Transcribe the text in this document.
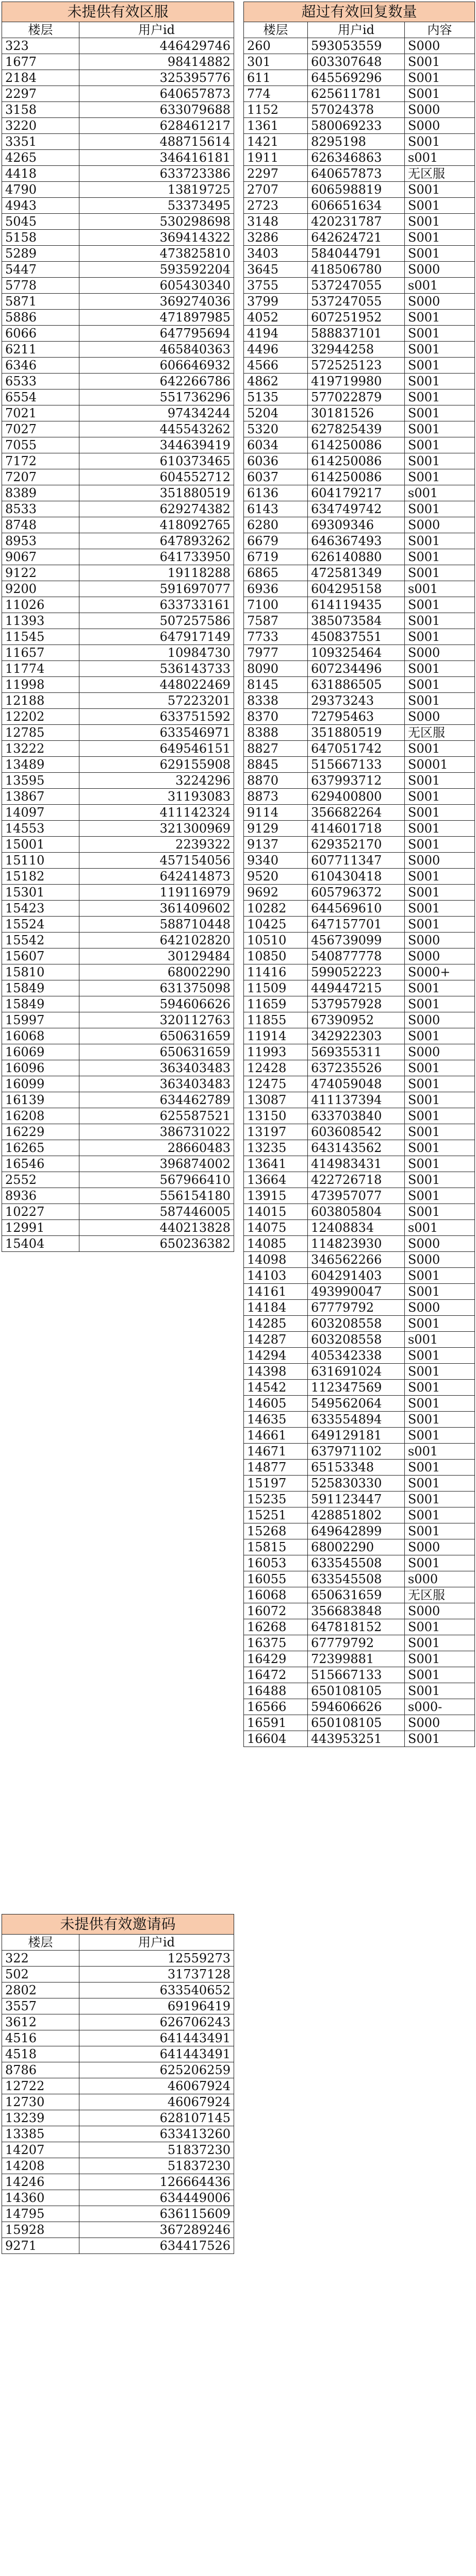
未提供有效区服	
楼层	用户id
323	446429746
1677	98414882
2184	325395776
2297	640657873
3158	633079688
3220	628461217
3351	488715614
4265	346416181
4418	633723386
4790	13819725
4943	53373495
5045	530298698
5158	369414322
5289	473825810
5447	593592204
5778	605430340
5871	369274036
5886	471897985
6066	647795694
6211	465840363
6346	606646932
6533	642266786
6554	551736296
7021	97434244
7027	445543262
7055	344639419
7172	610373465
7207	604552712
8389	351880519
8533	629274382
8748	418092765
8953	647893262
9067	641733950
9122	19118288
9200	591697077
11026	633733161
11393	507257586
11545	647917149
11657	10984730
11774	536143733
11998	448022469
12188	57223201
12202	633751592
12785	633546971
13222	649546151
13489	629155908
13595	3224296
13867	31193083
14097	411142324
14553	321300969
15001	2239322
15110	457154056
15182	642414873
15301	119116979
15423	361409602
15524	588710448
15542	642102820
15607	30129484
15810	68002290
15849	631375098
15849	594606626
15997	320112763
16068	650631659
16069	650631659
16096	363403483
16099	363403483
16139	634462789
16208	625587521
16229	386731022
16265	28660483
16546	396874002
2552	567966410
8936	556154180
10227	587446005
12991	440213828
15404	650236382
未提供有效邀请码	
楼层	用户id
322	12559273
502	31737128
2802	633540652
3557	69196419
3612	626706243
4516	641443491
4518	641443491
8786	625206259
12722	46067924
12730	46067924
13239	628107145
13385	633413260
14207	51837230
14208	51837230
14246	126664436
14360	634449006
14795	636115609
15928	367289246
9271	634417526
超过有效回复数量		
楼层	用户id	内容
260	593053559	S000
301	603307648	S001
611	645569296	S001
774	625611781	S001
1152	57024378	S000
1361	580069233	S000
1421	8295198	S001
1911	626346863	s001
2297	640657873	无区服
2707	606598819	S001
2723	606651634	S001
3148	420231787	S001
3286	642624721	S001
3403	584044791	S001
3645	418506780	S000
3755	537247055	s001
3799	537247055	S000
4052	607251952	S001
4194	588837101	S001
4496	32944258	S001
4566	572525123	S001
4862	419719980	S001
5135	577022879	S001
5204	30181526	S001
5320	627825439	S001
6034	614250086	S001
6036	614250086	S001
6037	614250086	S001
6136	604179217	s001
6143	634749742	S001
6280	69309346	S000
6679	646367493	S001
6719	626140880	S001
6865	472581349	S001
6936	604295158	s001
7100	614119435	S001
7587	385073584	S001
7733	450837551	S001
7977	109325464	S000
8090	607234496	S001
8145	631886505	S001
8338	29373243	S001
8370	72795463	S000
8388	351880519	无区服
8827	647051742	S001
8845	515667133	S0001
8870	637993712	S001
8873	629400800	S001
9114	356682264	S001
9129	414601718	S001
9137	629352170	S001
9340	607711347	S000
9520	610430418	S001
9692	605796372	S001
10282	644569610	S001
10425	647157701	S001
10510	456739099	S000
10850	540877778	S000
11416	599052223	S000+
11509	449447215	S001
11659	537957928	S001
11855	67390952	S000
11914	342922303	S001
11993	569355311	S000
12428	637235526	S001
12475	474059048	S001
13087	411137394	S001
13150	633703840	S001
13197	603608542	S001
13235	643143562	S001
13641	414983431	S001
13664	422726718	S001
13915	473957077	S001
14015	603805804	S001
14075	12408834	s001
14085	114823930	S000
14098	346562266	S000
14103	604291403	S001
14161	493990047	S001
14184	67779792	S000
14285	603208558	S001
14287	603208558	s001
14294	405342338	S001
14398	631691024	S001
14542	112347569	S001
14605	549562064	S001
14635	633554894	S001
14661	649129181	S001
14671	637971102	s001
14877	65153348	S001
15197	525830330	S001
15235	591123447	S001
15251	428851802	S001
15268	649642899	S001
15815	68002290	S000
16053	633545508	S001
16055	633545508	s000
16068	650631659	无区服
16072	356683848	S000
16268	647818152	S001
16375	67779792	S001
16429	72399881	S001
16472	515667133	S001
16488	650108105	S001
16566	594606626	s000-
16591	650108105	S000
16604	443953251	S001
